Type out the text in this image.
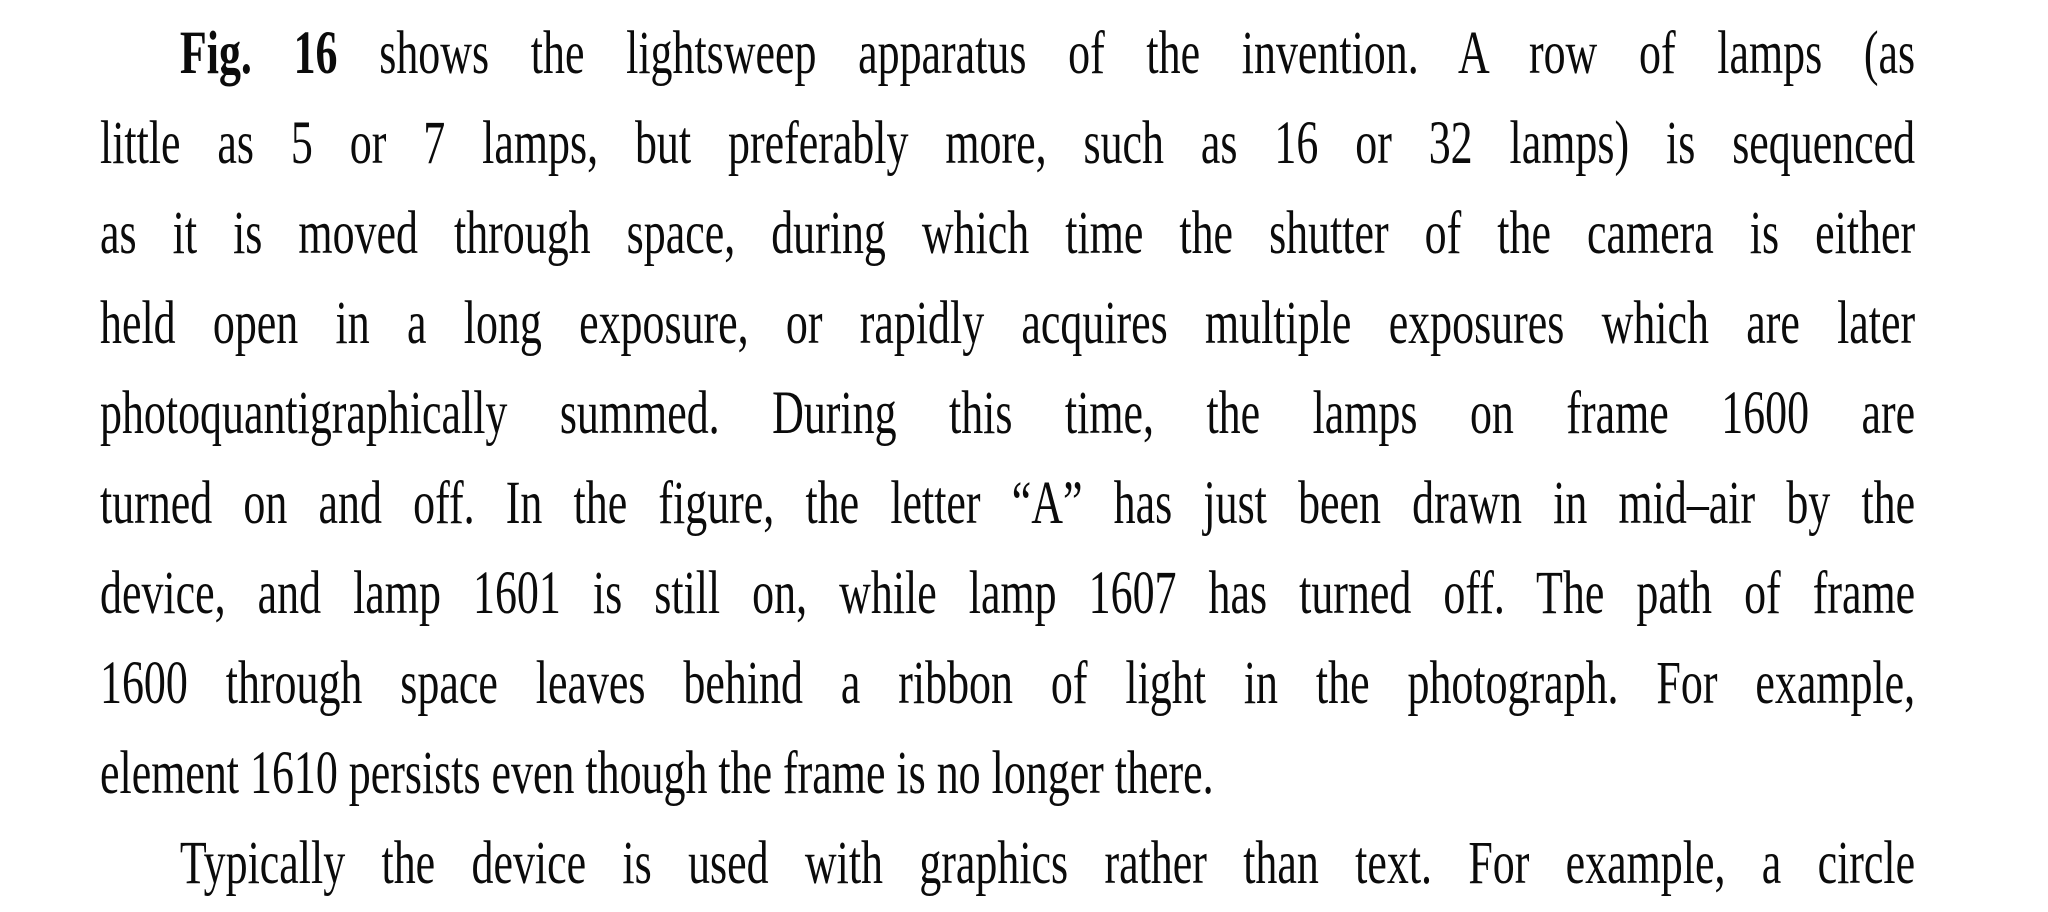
Fig. 16 shows the lightsweep apparatus of the invention. A row of lamps (as
little as 5 or 7 lamps, but preferably more, such as 16 or 32 lamps) is sequenced
as it is moved through space, during which time the shutter of the camera is either
held open in a long exposure, or rapidly acquires multiple exposures which are later
photoquantigraphically summed. During this time, the lamps on frame 1600 are
turned on and off. In the figure, the letter “A” has just been drawn in mid–air by the
device, and lamp 1601 is still on, while lamp 1607 has turned off. The path of frame
1600 through space leaves behind a ribbon of light in the photograph. For example,
element 1610 persists even though the frame is no longer there.
Typically the device is used with graphics rather than text. For example, a circle
